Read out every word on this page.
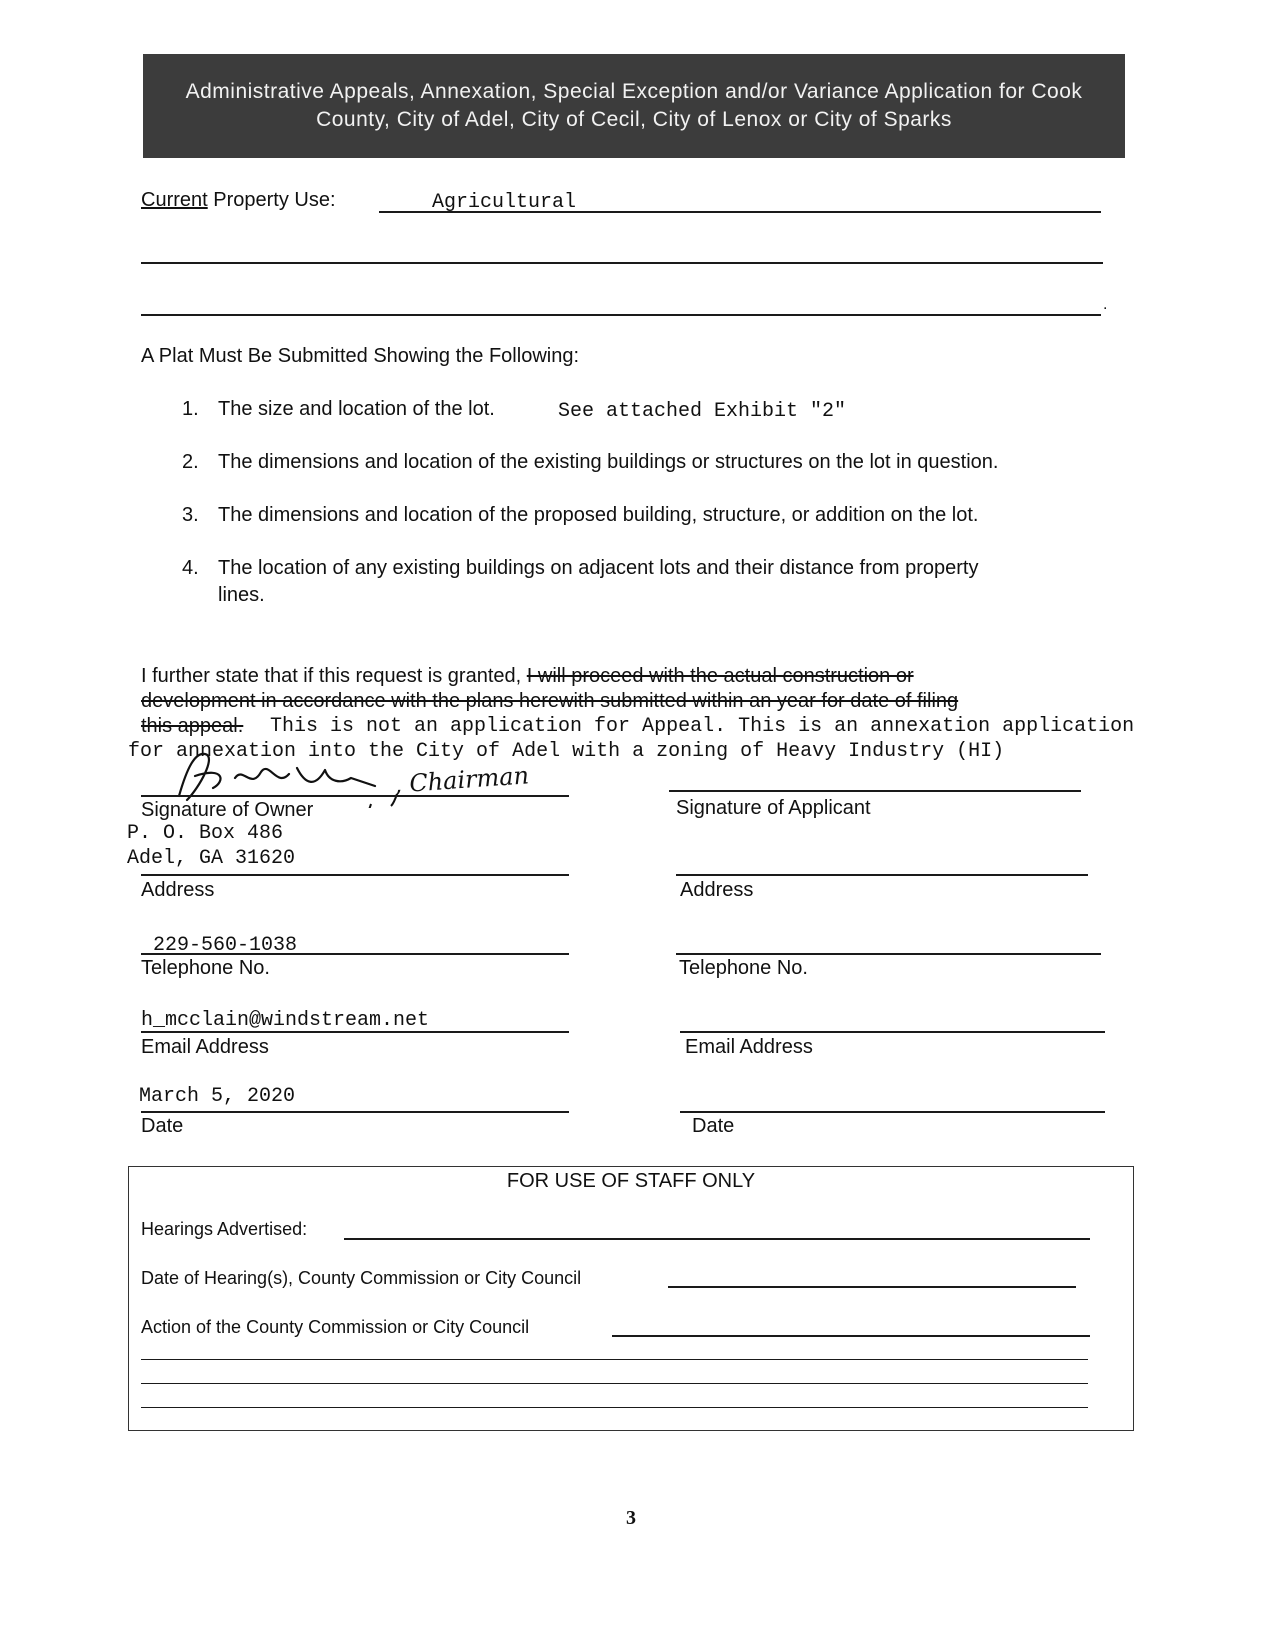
Administrative Appeals, Annexation, Special Exception and/or Variance Application for Cook County, City of Adel, City of Cecil, City of Lenox or City of Sparks
Current Property Use:	Agricultural
.
A Plat Must Be Submitted Showing the Following:
1. The size and location of the lot.	See attached Exhibit "2"
2. The dimensions and location of the existing buildings or structures on the lot in question.
3. The dimensions and location of the proposed building, structure, or addition on the lot.
4. The location of any existing buildings on adjacent lots and their distance from property
lines.
I further state that if this request is granted, I will proceed with the actual construction or
development in accordance with the plans herewith submitted within an year for date of filing
this appeal. This is not an application for Appeal. This is an annexation application
for annexation into the City of Adel with a zoning of Heavy Industry (HI)
, Chairman
Signature of Owner
P. O. Box 486
Adel, GA 31620
Address
229-560-1038
Telephone No.
h_mcclain@windstream.net
Email Address
March 5, 2020
Date
Signature of Applicant
Address
Telephone No.
Email Address
Date
FOR USE OF STAFF ONLY
Hearings Advertised:
Date of Hearing(s), County Commission or City Council
Action of the County Commission or City Council
3
